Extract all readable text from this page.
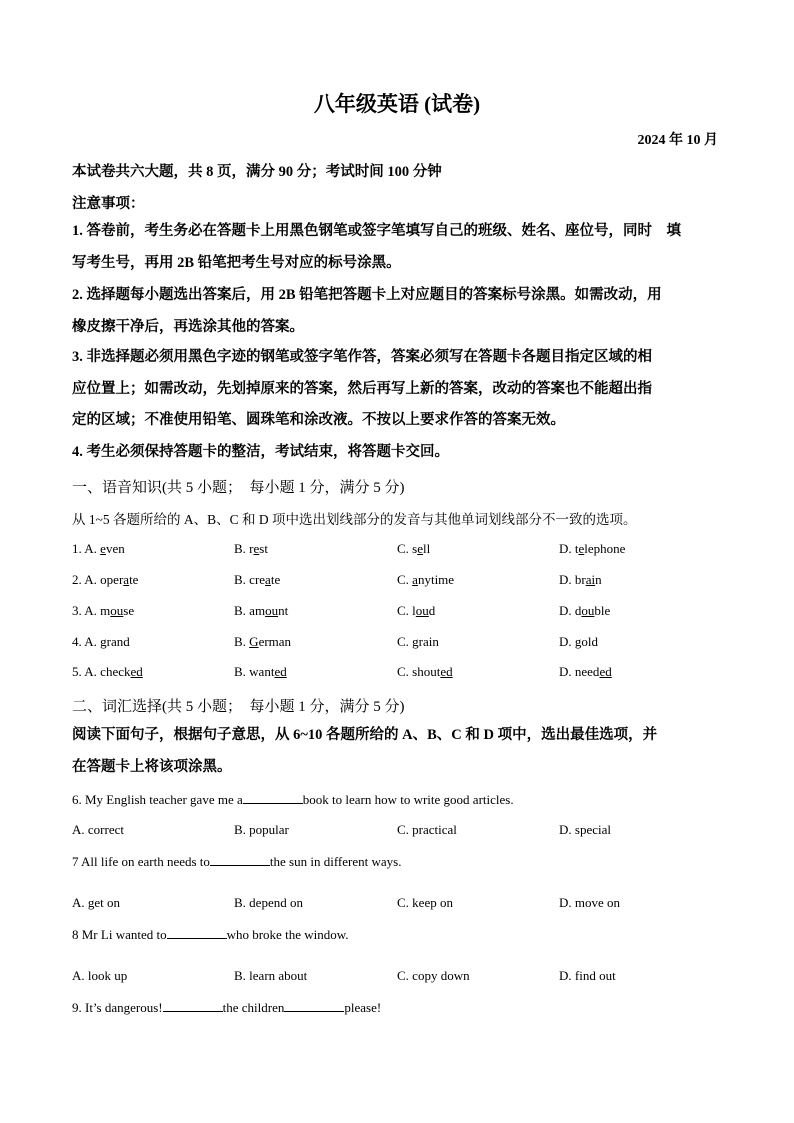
八年级英语 (试卷)
2024 年 10 月
本试卷共六大题，共 8 页，满分 90 分；考试时间 100 分钟
注意事项：
1. 答卷前，考生务必在答题卡上用黑色钢笔或签字笔填写自己的班级、姓名、座位号，同时　填
写考生号，再用 2B 铅笔把考生号对应的标号涂黑。
2. 选择题每小题选出答案后，用 2B 铅笔把答题卡上对应题目的答案标号涂黑。如需改动，用
橡皮擦干净后，再选涂其他的答案。
3. 非选择题必须用黑色字迹的钢笔或签字笔作答，答案必须写在答题卡各题目指定区域的相
应位置上；如需改动，先划掉原来的答案，然后再写上新的答案，改动的答案也不能超出指
定的区域；不准使用铅笔、圆珠笔和涂改液。不按以上要求作答的答案无效。
4. 考生必须保持答题卡的整洁，考试结束，将答题卡交回。
一、语音知识(共 5 小题；　每小题 1 分，满分 5 分)
从 1~5 各题所给的 A、B、C 和 D 项中选出划线部分的发音与其他单词划线部分不一致的选项。
1. A. even	B. rest	C. sell	D. telephone
2. A. operate	B. create	C. anytime	D. brain
3. A. mouse	B. amount	C. loud	D. double
4. A. grand	B. German	C. grain	D. gold
5. A. checked	B. wanted	C. shouted	D. needed
二、词汇选择(共 5 小题；　每小题 1 分，满分 5 分)
阅读下面句子，根据句子意思，从 6~10 各题所给的 A、B、C 和 D 项中，选出最佳选项，并
在答题卡上将该项涂黑。
6. My English teacher gave me a	book to learn how to write good articles.
A. correct	B. popular	C. practical	D. special
7 All life on earth needs to	the sun in different ways.
A. get on	B. depend on	C. keep on	D. move on
8 Mr Li wanted to	who broke the window.
A. look up	B. learn about	C. copy down	D. find out
9. It’s dangerous!	the children	please!
